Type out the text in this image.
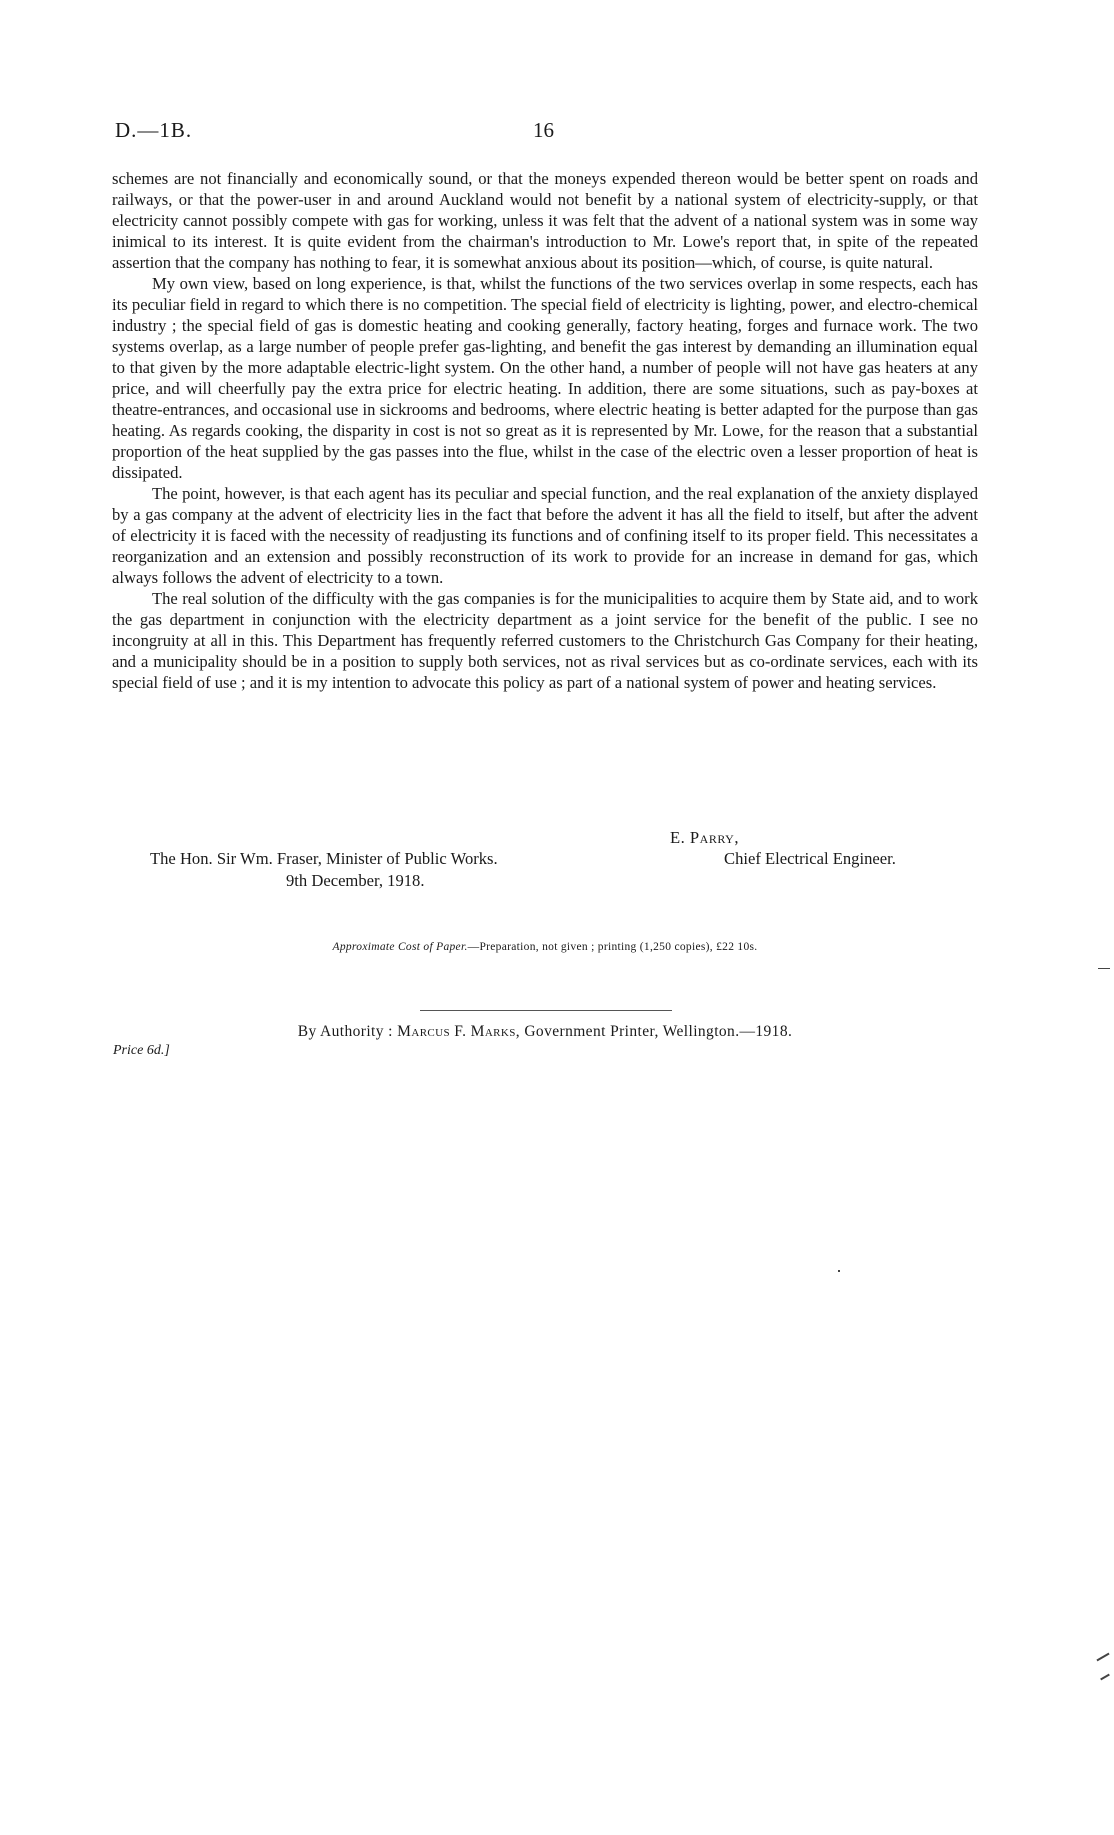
D.—1B.	16

schemes are not financially and economically sound, or that the moneys expended thereon would be better spent on roads and railways, or that the power-user in and around Auckland would not benefit by a national system of electricity-supply, or that electricity cannot possibly compete with gas for working, unless it was felt that the advent of a national system was in some way inimical to its interest. It is quite evident from the chairman's introduction to Mr. Lowe's report that, in spite of the repeated assertion that the company has nothing to fear, it is somewhat anxious about its position—which, of course, is quite natural.

My own view, based on long experience, is that, whilst the functions of the two services overlap in some respects, each has its peculiar field in regard to which there is no competition. The special field of electricity is lighting, power, and electro-chemical industry ; the special field of gas is domestic heating and cooking generally, factory heating, forges and furnace work. The two systems overlap, as a large number of people prefer gas-lighting, and benefit the gas interest by demanding an illumination equal to that given by the more adaptable electric-light system. On the other hand, a number of people will not have gas heaters at any price, and will cheerfully pay the extra price for electric heating. In addition, there are some situations, such as pay-boxes at theatre-entrances, and occasional use in sickrooms and bedrooms, where electric heating is better adapted for the purpose than gas heating. As regards cooking, the disparity in cost is not so great as it is represented by Mr. Lowe, for the reason that a substantial proportion of the heat supplied by the gas passes into the flue, whilst in the case of the electric oven a lesser proportion of heat is dissipated.

The point, however, is that each agent has its peculiar and special function, and the real explanation of the anxiety displayed by a gas company at the advent of electricity lies in the fact that before the advent it has all the field to itself, but after the advent of electricity it is faced with the necessity of readjusting its functions and of confining itself to its proper field. This necessitates a reorganization and an extension and possibly reconstruction of its work to provide for an increase in demand for gas, which always follows the advent of electricity to a town.

The real solution of the difficulty with the gas companies is for the municipalities to acquire them by State aid, and to work the gas department in conjunction with the electricity department as a joint service for the benefit of the public. I see no incongruity at all in this. This Department has frequently referred customers to the Christchurch Gas Company for their heating, and a municipality should be in a position to supply both services, not as rival services but as co-ordinate services, each with its special field of use ; and it is my intention to advocate this policy as part of a national system of power and heating services.

E. Parry,
Chief Electrical Engineer.
The Hon. Sir Wm. Fraser, Minister of Public Works.
9th December, 1918.
Approximate Cost of Paper.—Preparation, not given ; printing (1,250 copies), £22 10s.
By Authority : Marcus F. Marks, Government Printer, Wellington.—1918.
Price 6d.]
